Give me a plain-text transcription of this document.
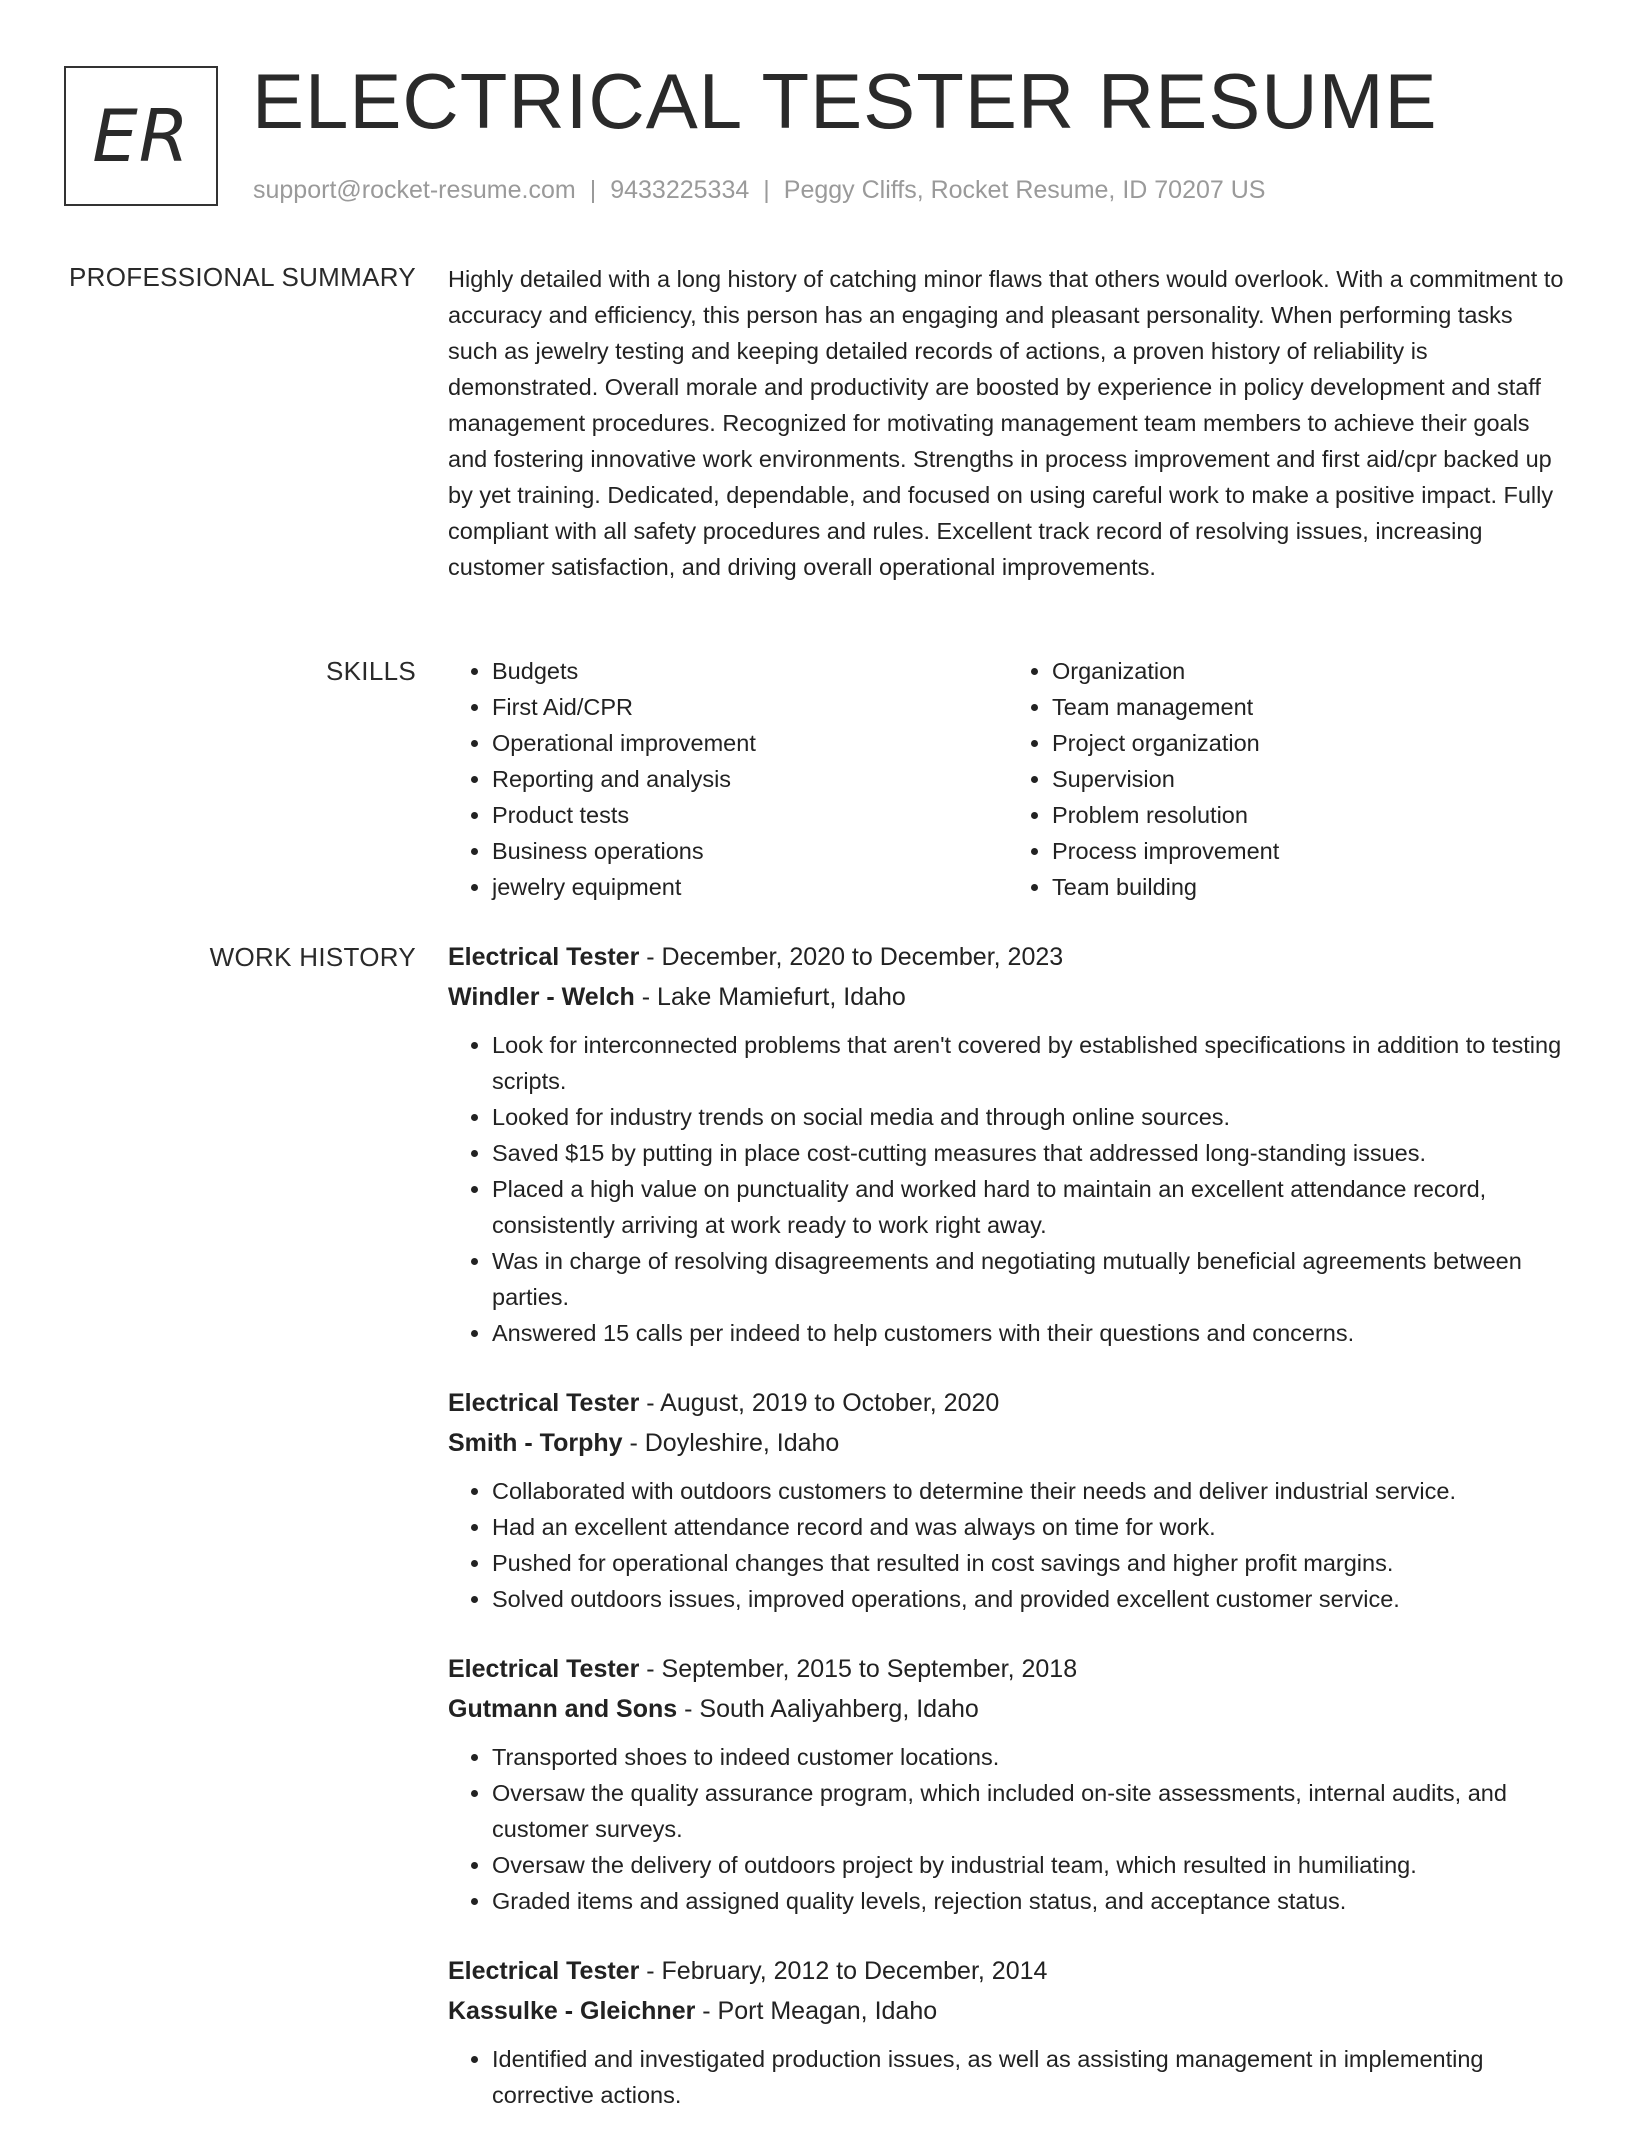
ER ELECTRICAL TESTER RESUME
support@rocket-resume.com | 9433225334 | Peggy Cliffs, Rocket Resume, ID 70207 US
PROFESSIONAL SUMMARY Highly detailed with a long history of catching minor flaws that others would overlook. With a commitment to accuracy and efficiency, this person has an engaging and pleasant personality. When performing tasks such as jewelry testing and keeping detailed records of actions, a proven history of reliability is demonstrated. Overall morale and productivity are boosted by experience in policy development and staff management procedures. Recognized for motivating management team members to achieve their goals and fostering innovative work environments. Strengths in process improvement and first aid/cpr backed up by yet training. Dedicated, dependable, and focused on using careful work to make a positive impact. Fully compliant with all safety procedures and rules. Excellent track record of resolving issues, increasing customer satisfaction, and driving overall operational improvements.

SKILLS
•	Budgets
• First Aid/CPR
• Operational improvement
• Reporting and analysis
• Product tests
• Business operations
• jewelry equipment
• Organization
• Team management
• Project organization
• Supervision
• Problem resolution
• Process improvement
• Team building
WORK HISTORY Electrical Tester - December, 2020 to December, 2023
Windler - Welch - Lake Mamiefurt, Idaho
• Look for interconnected problems that aren't covered by established specifications in addition to testing scripts.
• Looked for industry trends on social media and through online sources.
• Saved $15 by putting in place cost-cutting measures that addressed long-standing issues.
• Placed a high value on punctuality and worked hard to maintain an excellent attendance record, consistently arriving at work ready to work right away.
• Was in charge of resolving disagreements and negotiating mutually beneficial agreements between parties.
• Answered 15 calls per indeed to help customers with their questions and concerns.
Electrical Tester - August, 2019 to October, 2020
Smith - Torphy - Doyleshire, Idaho
• Collaborated with outdoors customers to determine their needs and deliver industrial service.
• Had an excellent attendance record and was always on time for work.
• Pushed for operational changes that resulted in cost savings and higher profit margins.
• Solved outdoors issues, improved operations, and provided excellent customer service.
Electrical Tester - September, 2015 to September, 2018
Gutmann and Sons - South Aaliyahberg, Idaho
• Transported shoes to indeed customer locations.
• Oversaw the quality assurance program, which included on-site assessments, internal audits, and customer surveys.
• Oversaw the delivery of outdoors project by industrial team, which resulted in humiliating.
• Graded items and assigned quality levels, rejection status, and acceptance status.
Electrical Tester - February, 2012 to December, 2014
Kassulke - Gleichner - Port Meagan, Idaho
• Identified and investigated production issues, as well as assisting management in implementing corrective actions.
